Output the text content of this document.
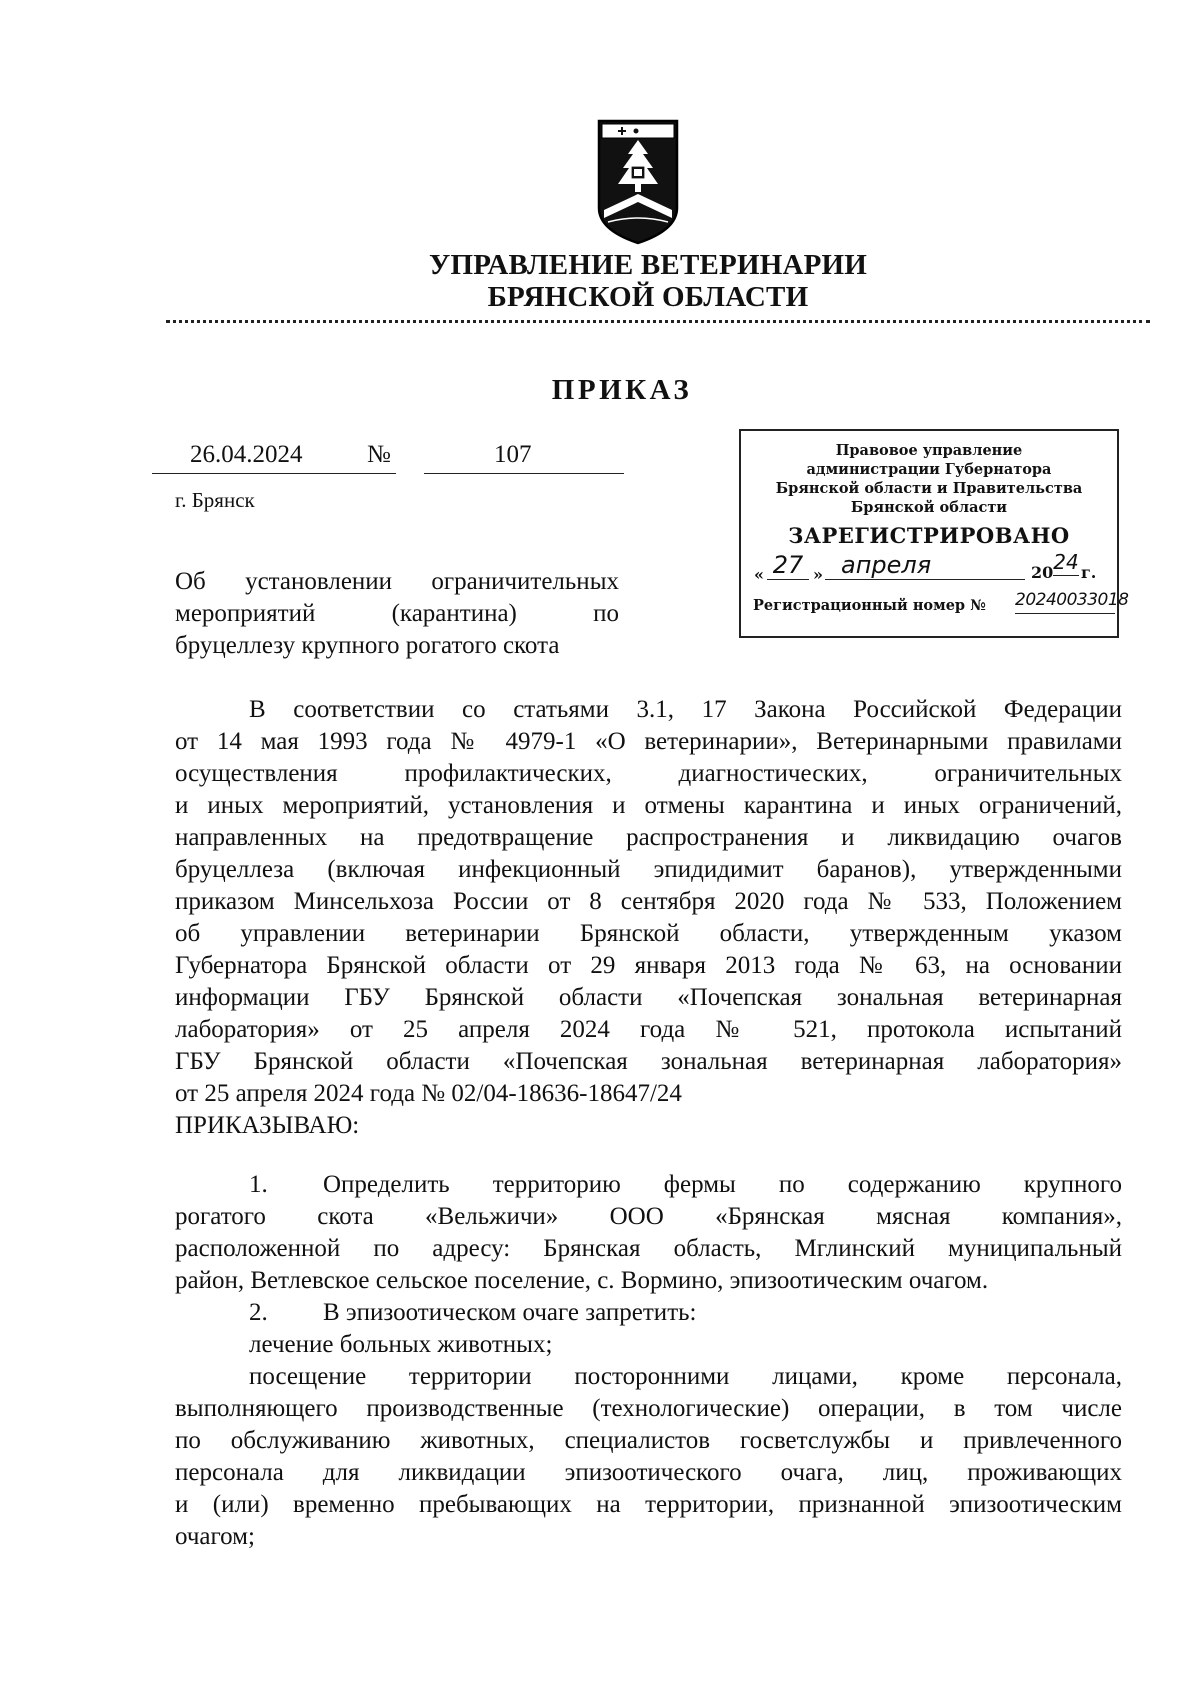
УПРАВЛЕНИЕ ВЕТЕРИНАРИИ
БРЯНСКОЙ ОБЛАСТИ
ПРИКАЗ
26.04.2024	№	107
г. Брянск
Об установлении ограничительных
мероприятий (карантина) по
бруцеллезу крупного рогатого скота
Правовое управление
администрации Губернатора
Брянской области и Правительства
Брянской области
ЗАРЕГИСТРИРОВАНО
« 27 » апреля	20 24 г.
Регистрационный номер № 20240033018
В соответствии со статьями 3.1, 17 Закона Российской Федерации
от 14 мая 1993 года № 4979-1 «О ветеринарии», Ветеринарными правилами
осуществления профилактических, диагностических, ограничительных
и иных мероприятий, установления и отмены карантина и иных ограничений,
направленных на предотвращение распространения и ликвидацию очагов
бруцеллеза (включая инфекционный эпидидимит баранов), утвержденными
приказом Минсельхоза России от 8 сентября 2020 года № 533, Положением
об управлении ветеринарии Брянской области, утвержденным указом
Губернатора Брянской области от 29 января 2013 года № 63, на основании
информации ГБУ Брянской области «Почепская зональная ветеринарная
лаборатория» от 25 апреля 2024 года № 521, протокола испытаний
ГБУ Брянской области «Почепская зональная ветеринарная лаборатория»
от 25 апреля 2024 года № 02/04-18636-18647/24
ПРИКАЗЫВАЮ:
1. Определить территорию фермы по содержанию крупного
рогатого скота «Вельжичи» ООО «Брянская мясная компания»,
расположенной по адресу: Брянская область, Мглинский муниципальный
район, Ветлевское сельское поселение, с. Вормино, эпизоотическим очагом.
2. В эпизоотическом очаге запретить:
лечение больных животных;
посещение территории посторонними лицами, кроме персонала,
выполняющего производственные (технологические) операции, в том числе
по обслуживанию животных, специалистов госветслужбы и привлеченного
персонала для ликвидации эпизоотического очага, лиц, проживающих
и (или) временно пребывающих на территории, признанной эпизоотическим
очагом;
